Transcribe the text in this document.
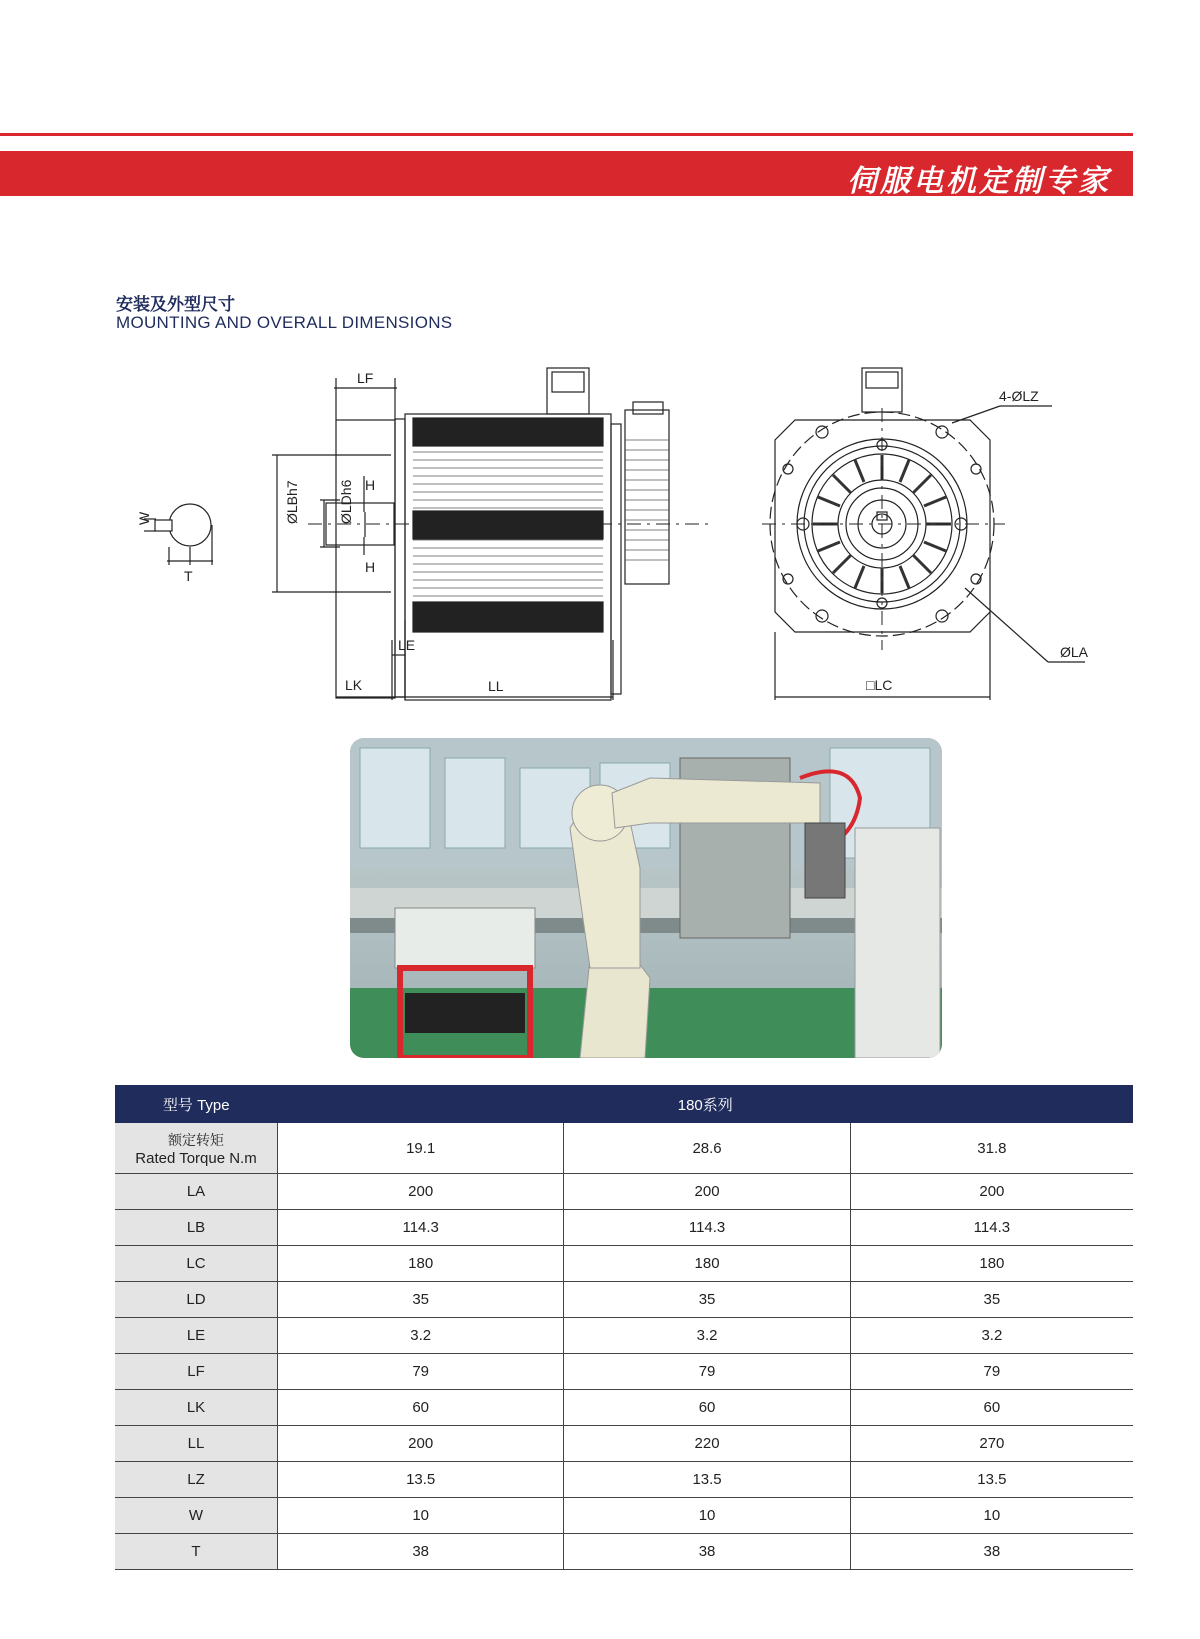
伺服电机定制专家
安装及外型尺寸
MOUNTING AND OVERALL DIMENSIONS
LF
H
H
W
T
ØLBh7	ØLDh6
LE
LK	LL
4-ØLZ
ØLA
□LC
型号 Type	180系列		

额定转矩
Rated Torque N.m	19.1	28.6	31.8
LA	200	200	200
LB	114.3	114.3	114.3
LC	180	180	180
LD	35	35	35
LE	3.2	3.2	3.2
LF	79	79	79
LK	60	60	60
LL	200	220	270
LZ	13.5	13.5	13.5
W	10	10	10
T	38	38	38
